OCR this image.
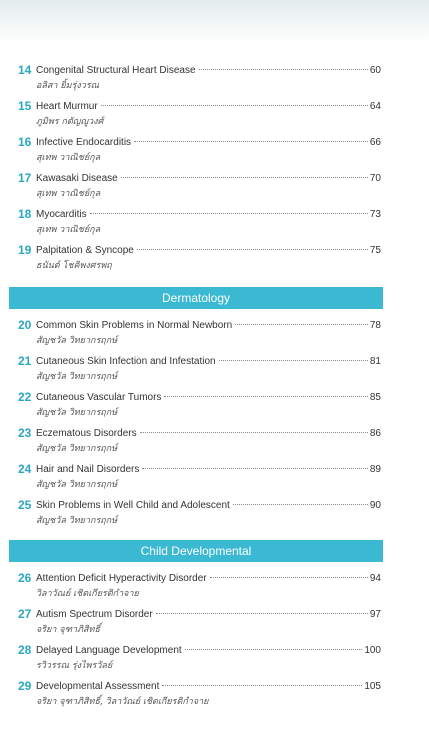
14 Congenital Structural Heart Disease	60
อลิสา ยิ้มรุ่งวรณ
15 Heart Murmur	64
ภูมิพร กตัญญูวงศ์
16 Infective Endocarditis	66
สุเทพ วาณิชย์กุล
17 Kawasaki Disease	70
สุเทพ วาณิชย์กุล
18 Myocarditis	73
สุเทพ วาณิชย์กุล
19 Palpitation & Syncope	75
ธนันต์ โชคิพงศรพฤ
Dermatology
20 Common Skin Problems in Normal Newborn	78
สัญชวัล วิทยากรฤกษ์
21 Cutaneous Skin Infection and Infestation	81
สัญชวัล วิทยากรฤกษ์
22 Cutaneous Vascular Tumors	85
สัญชวัล วิทยากรฤกษ์
23 Eczematous Disorders	86
สัญชวัล วิทยากรฤกษ์
24 Hair and Nail Disorders	89
สัญชวัล วิทยากรฤกษ์
25 Skin Problems in Well Child and Adolescent	90
สัญชวัล วิทยากรฤกษ์
Child Developmental
26 Attention Deficit Hyperactivity Disorder	94
วิลาวัณย์ เชิดเกียรติกำจาย
27 Autism Spectrum Disorder	97
จริยา จุฑาภิสิทธิ์
28 Delayed Language Development	100
รวิวรรณ รุ่งไพรวัลย์
29 Developmental Assessment	105
จริยา จุฑาภิสิทธิ์, วิลาวัณย์ เชิดเกียรติกำจาย
